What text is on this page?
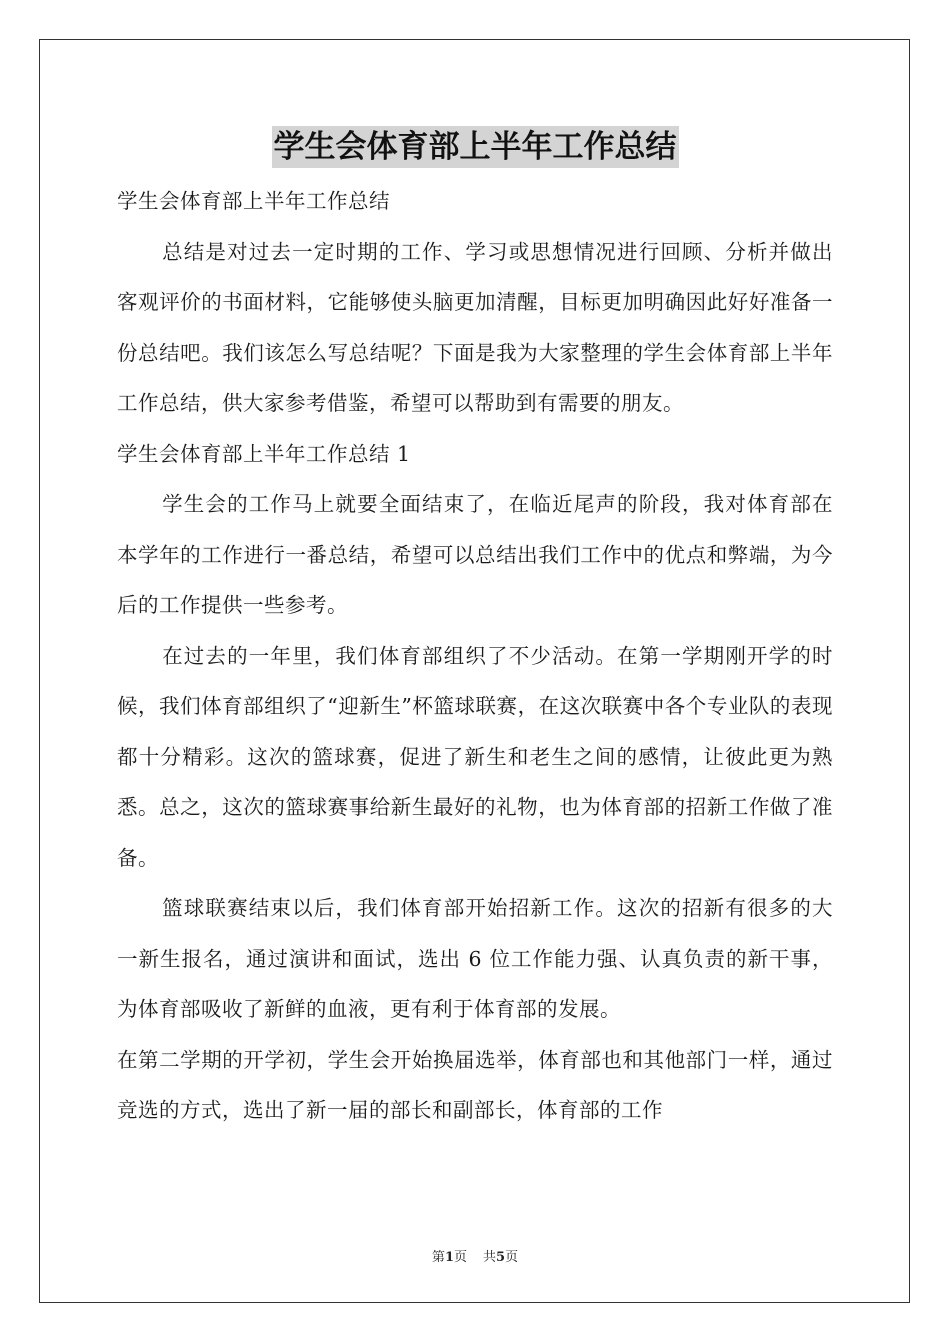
学生会体育部上半年工作总结

学生会体育部上半年工作总结

总结是对过去一定时期的工作、学习或思想情况进行回顾、分析并做出客观评价的书面材料，它能够使头脑更加清醒，目标更加明确因此好好准备一份总结吧。我们该怎么写总结呢？下面是我为大家整理的学生会体育部上半年工作总结，供大家参考借鉴，希望可以帮助到有需要的朋友。

学生会体育部上半年工作总结 1

学生会的工作马上就要全面结束了，在临近尾声的阶段，我对体育部在本学年的工作进行一番总结，希望可以总结出我们工作中的优点和弊端，为今后的工作提供一些参考。

在过去的一年里，我们体育部组织了不少活动。在第一学期刚开学的时候，我们体育部组织了“迎新生”杯篮球联赛，在这次联赛中各个专业队的表现都十分精彩。这次的篮球赛，促进了新生和老生之间的感情，让彼此更为熟悉。总之，这次的篮球赛事给新生最好的礼物，也为体育部的招新工作做了准备。

篮球联赛结束以后，我们体育部开始招新工作。这次的招新有很多的大一新生报名，通过演讲和面试，选出 6 位工作能力强、认真负责的新干事，为体育部吸收了新鲜的血液，更有利于体育部的发展。

在第二学期的开学初，学生会开始换届选举，体育部也和其他部门一样，通过竞选的方式，选出了新一届的部长和副部长，体育部的工作

第1页 共5页
